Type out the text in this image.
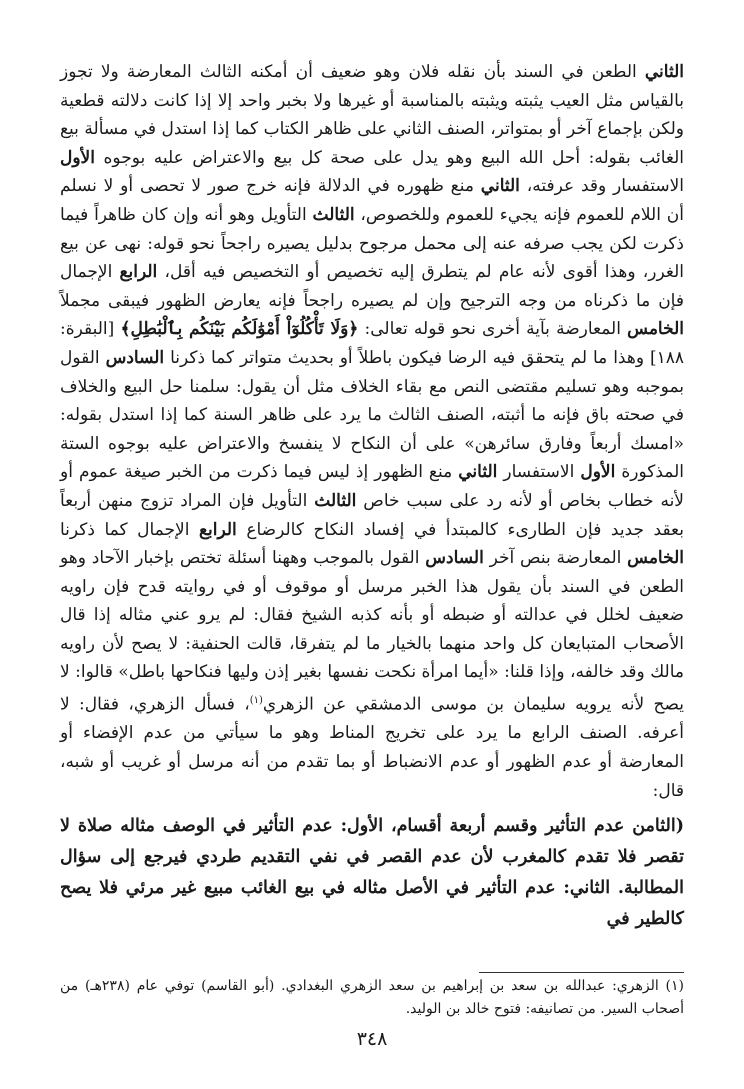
الثاني الطعن في السند بأن نقله فلان وهو ضعيف أن أمكنه الثالث المعارضة ولا تجوز بالقياس مثل العيب يثبته ويثبته بالمناسبة أو غيرها ولا بخبر واحد إلا إذا كانت دلالته قطعية ولكن بإجماع آخر أو بمتواتر، الصنف الثاني على ظاهر الكتاب كما إذا استدل في مسألة بيع الغائب بقوله: أحل الله البيع وهو يدل على صحة كل بيع والاعتراض عليه بوجوه الأول الاستفسار وقد عرفته، الثاني منع ظهوره في الدلالة فإنه خرج صور لا تحصى أو لا نسلم أن اللام للعموم فإنه يجيء للعموم وللخصوص، الثالث التأويل وهو أنه وإن كان ظاهراً فيما ذكرت لكن يجب صرفه عنه إلى محمل مرجوح بدليل يصيره راجحاً نحو قوله: نهى عن بيع الغرر، وهذا أقوى لأنه عام لم يتطرق إليه تخصيص أو التخصيص فيه أقل، الرابع الإجمال فإن ما ذكرناه من وجه الترجيح وإن لم يصيره راجحاً فإنه يعارض الظهور فيبقى مجملاً الخامس المعارضة بآية أخرى نحو قوله تعالى: ﴿وَلَا تَأْكُلُوٓاْ أَمْوَٰلَكُم بَيْنَكُم بِٱلْبَٰطِلِ﴾ [البقرة: ١٨٨] وهذا ما لم يتحقق فيه الرضا فيكون باطلاً أو بحديث متواتر كما ذكرنا السادس القول بموجبه وهو تسليم مقتضى النص مع بقاء الخلاف مثل أن يقول: سلمنا حل البيع والخلاف في صحته باق فإنه ما أثبته، الصنف الثالث ما يرد على ظاهر السنة كما إذا استدل بقوله: «امسك أربعاً وفارق سائرهن» على أن النكاح لا ينفسخ والاعتراض عليه بوجوه الستة المذكورة الأول الاستفسار الثاني منع الظهور إذ ليس فيما ذكرت من الخبر صيغة عموم أو لأنه خطاب بخاص أو لأنه رد على سبب خاص الثالث التأويل فإن المراد تزوج منهن أربعاً بعقد جديد فإن الطارىء كالمبتدأ في إفساد النكاح كالرضاع الرابع الإجمال كما ذكرنا الخامس المعارضة بنص آخر السادس القول بالموجب وههنا أسئلة تختص بإخبار الآحاد وهو الطعن في السند بأن يقول هذا الخبر مرسل أو موقوف أو في روايته قدح فإن راويه ضعيف لخلل في عدالته أو ضبطه أو بأنه كذبه الشيخ فقال: لم يرو عني مثاله إذا قال الأصحاب المتبايعان كل واحد منهما بالخيار ما لم يتفرقا، قالت الحنفية: لا يصح لأن راويه مالك وقد خالفه، وإذا قلنا: «أيما امرأة نكحت نفسها بغير إذن وليها فنكاحها باطل» قالوا: لا يصح لأنه يرويه سليمان بن موسى الدمشقي عن الزهري$^{(١)}$، فسأل الزهري، فقال: لا أعرفه. الصنف الرابع ما يرد على تخريج المناط وهو ما سيأتي من عدم الإفضاء أو المعارضة أو عدم الظهور أو عدم الانضباط أو بما تقدم من أنه مرسل أو غريب أو شبه، قال:

(الثامن عدم التأثير وقسم أربعة أقسام، الأول: عدم التأثير في الوصف مثاله صلاة لا تقصر فلا تقدم كالمغرب لأن عدم القصر في نفي التقديم طردي فيرجع إلى سؤال المطالبة. الثاني: عدم التأثير في الأصل مثاله في بيع الغائب مبيع غير مرئي فلا يصح كالطير في

(١) الزهري: عبدالله بن سعد بن إبراهيم بن سعد الزهري البغدادي. (أبو القاسم) توفي عام (٢٣٨هـ) من أصحاب السير. من تصانيفه: فتوح خالد بن الوليد.

٣٤٨
